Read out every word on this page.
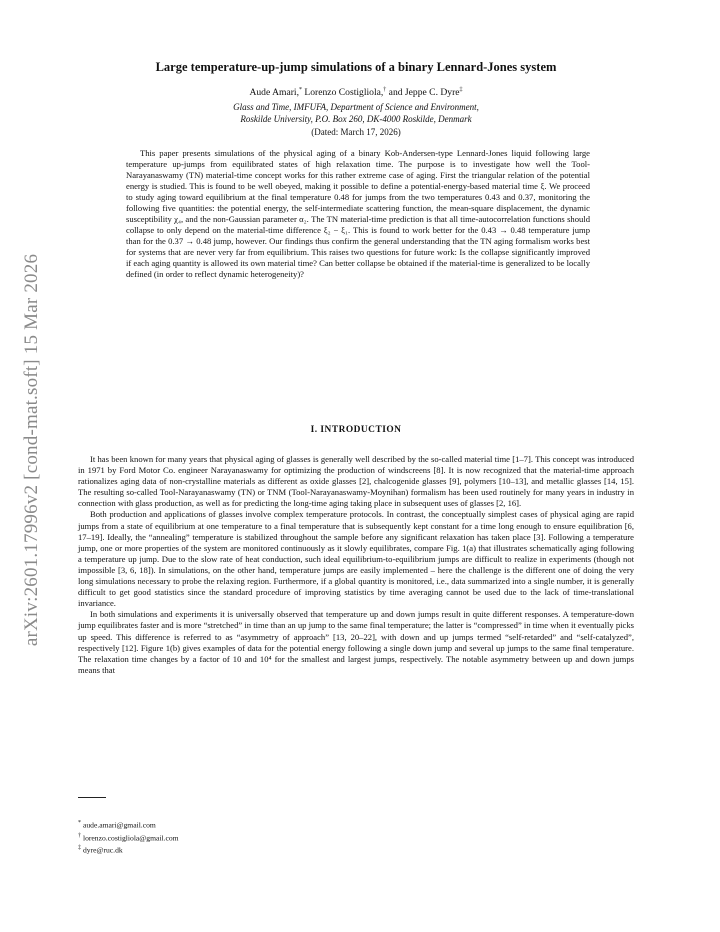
arXiv:2601.17996v2 [cond-mat.soft] 15 Mar 2026
Large temperature-up-jump simulations of a binary Lennard-Jones system
Aude Amari,* Lorenzo Costigliola,† and Jeppe C. Dyre‡
Glass and Time, IMFUFA, Department of Science and Environment,
Roskilde University, P.O. Box 260, DK-4000 Roskilde, Denmark
(Dated: March 17, 2026)

This paper presents simulations of the physical aging of a binary Kob-Andersen-type Lennard-Jones liquid following large temperature up-jumps from equilibrated states of high relaxation time. The purpose is to investigate how well the Tool-Narayanaswamy (TN) material-time concept works for this rather extreme case of aging. First the triangular relation of the potential energy is studied. This is found to be well obeyed, making it possible to define a potential-energy-based material time ξ. We proceed to study aging toward equilibrium at the final temperature 0.48 for jumps from the two temperatures 0.43 and 0.37, monitoring the following five quantities: the potential energy, the self-intermediate scattering function, the mean-square displacement, the dynamic susceptibility χ₄, and the non-Gaussian parameter α₂. The TN material-time prediction is that all time-autocorrelation functions should collapse to only depend on the material-time difference ξ₂ − ξ₁. This is found to work better for the 0.43 → 0.48 temperature jump than for the 0.37 → 0.48 jump, however. Our findings thus confirm the general understanding that the TN aging formalism works best for systems that are never very far from equilibrium. This raises two questions for future work: Is the collapse significantly improved if each aging quantity is allowed its own material time? Can better collapse be obtained if the material-time is generalized to be locally defined (in order to reflect dynamic heterogeneity)?

I. INTRODUCTION

It has been known for many years that physical aging of glasses is generally well described by the so-called material time [1–7]. This concept was introduced in 1971 by Ford Motor Co. engineer Narayanaswamy for optimizing the production of windscreens [8]. It is now recognized that the material-time approach rationalizes aging data of non-crystalline materials as different as oxide glasses [2], chalcogenide glasses [9], polymers [10–13], and metallic glasses [14, 15]. The resulting so-called Tool-Narayanaswamy (TN) or TNM (Tool-Narayanaswamy-Moynihan) formalism has been used routinely for many years in industry in connection with glass production, as well as for predicting the long-time aging taking place in subsequent uses of glasses [2, 16].

Both production and applications of glasses involve complex temperature protocols. In contrast, the conceptually simplest cases of physical aging are rapid jumps from a state of equilibrium at one temperature to a final temperature that is subsequently kept constant for a time long enough to ensure equilibration [6, 17–19]. Ideally, the “annealing” temperature is stabilized throughout the sample before any significant relaxation has taken place [3]. Following a temperature jump, one or more properties of the system are monitored continuously as it slowly equilibrates, compare Fig. 1(a) that illustrates schematically aging following a temperature up jump. Due to the slow rate of heat conduction, such ideal equilibrium-to-equilibrium jumps are difficult to realize in experiments (though not impossible [3, 6, 18]). In simulations, on the other hand, temperature jumps are easily implemented – here the challenge is the different one of doing the very long simulations necessary to probe the relaxing region. Furthermore, if a global quantity is monitored, i.e., data summarized into a single number, it is generally difficult to get good statistics since the standard procedure of improving statistics by time averaging cannot be used due to the lack of time-translational invariance.

In both simulations and experiments it is universally observed that temperature up and down jumps result in quite different responses. A temperature-down jump equilibrates faster and is more “stretched” in time than an up jump to the same final temperature; the latter is “compressed” in time when it eventually picks up speed. This difference is referred to as “asymmetry of approach” [13, 20–22], with down and up jumps termed “self-retarded” and “self-catalyzed”, respectively [12]. Figure 1(b) gives examples of data for the potential energy following a single down jump and several up jumps to the same final temperature. The relaxation time changes by a factor of 10 and 10⁴ for the smallest and largest jumps, respectively. The notable asymmetry between up and down jumps means that

* aude.amari@gmail.com
† lorenzo.costigliola@gmail.com
‡ dyre@ruc.dk
